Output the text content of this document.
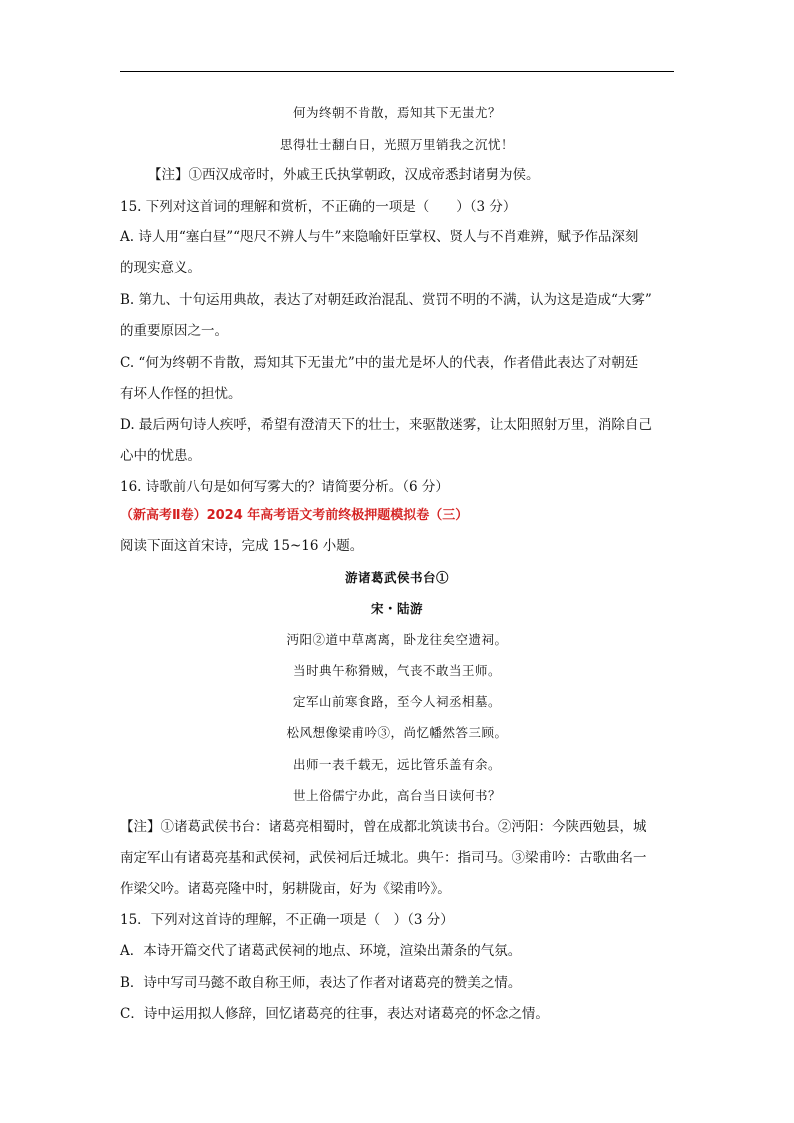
何为终朝不肯散，焉知其下无蚩尤？
思得壮士翻白日，光照万里销我之沉忧！
【注】①西汉成帝时，外戚王氏执掌朝政，汉成帝悉封诸舅为侯。
15. 下列对这首词的理解和赏析，不正确的一项是（　　）（3 分）
A. 诗人用“塞白昼”“咫尺不辨人与牛”来隐喻奸臣掌权、贤人与不肖难辨，赋予作品深刻
的现实意义。
B. 第九、十句运用典故，表达了对朝廷政治混乱、赏罚不明的不满，认为这是造成“大雾”
的重要原因之一。
C. “何为终朝不肯散，焉知其下无蚩尤”中的蚩尤是坏人的代表，作者借此表达了对朝廷
有坏人作怪的担忧。
D. 最后两句诗人疾呼，希望有澄清天下的壮士，来驱散迷雾，让太阳照射万里，消除自己
心中的忧患。
16. 诗歌前八句是如何写雾大的？请简要分析。（6 分）
（新高考Ⅱ卷）2024 年高考语文考前终极押题模拟卷（三）
阅读下面这首宋诗，完成 15~16 小题。
游诸葛武侯书台①
宋・陆游
沔阳②道中草离离，卧龙往矣空遗祠。
当时典午称猾贼，气丧不敢当王师。
定军山前寒食路，至今人祠丞相墓。
松风想像梁甫吟③，尚忆幡然答三顾。
出师一表千载无，远比管乐盖有余。
世上俗儒宁办此，高台当日读何书？
【注】①诸葛武侯书台：诸葛亮相蜀时，曾在成都北筑读书台。②沔阳：今陕西勉县，城
南定军山有诸葛亮基和武侯祠，武侯祠后迁城北。典午：指司马。③梁甫吟：古歌曲名一
作梁父吟。诸葛亮隆中时，躬耕陇亩，好为《梁甫吟》。
15．下列对这首诗的理解，不正确一项是（　）（3 分）
A．本诗开篇交代了诸葛武侯祠的地点、环境，渲染出萧条的气氛。
B．诗中写司马懿不敢自称王师，表达了作者对诸葛亮的赞美之情。
C．诗中运用拟人修辞，回忆诸葛亮的往事，表达对诸葛亮的怀念之情。
